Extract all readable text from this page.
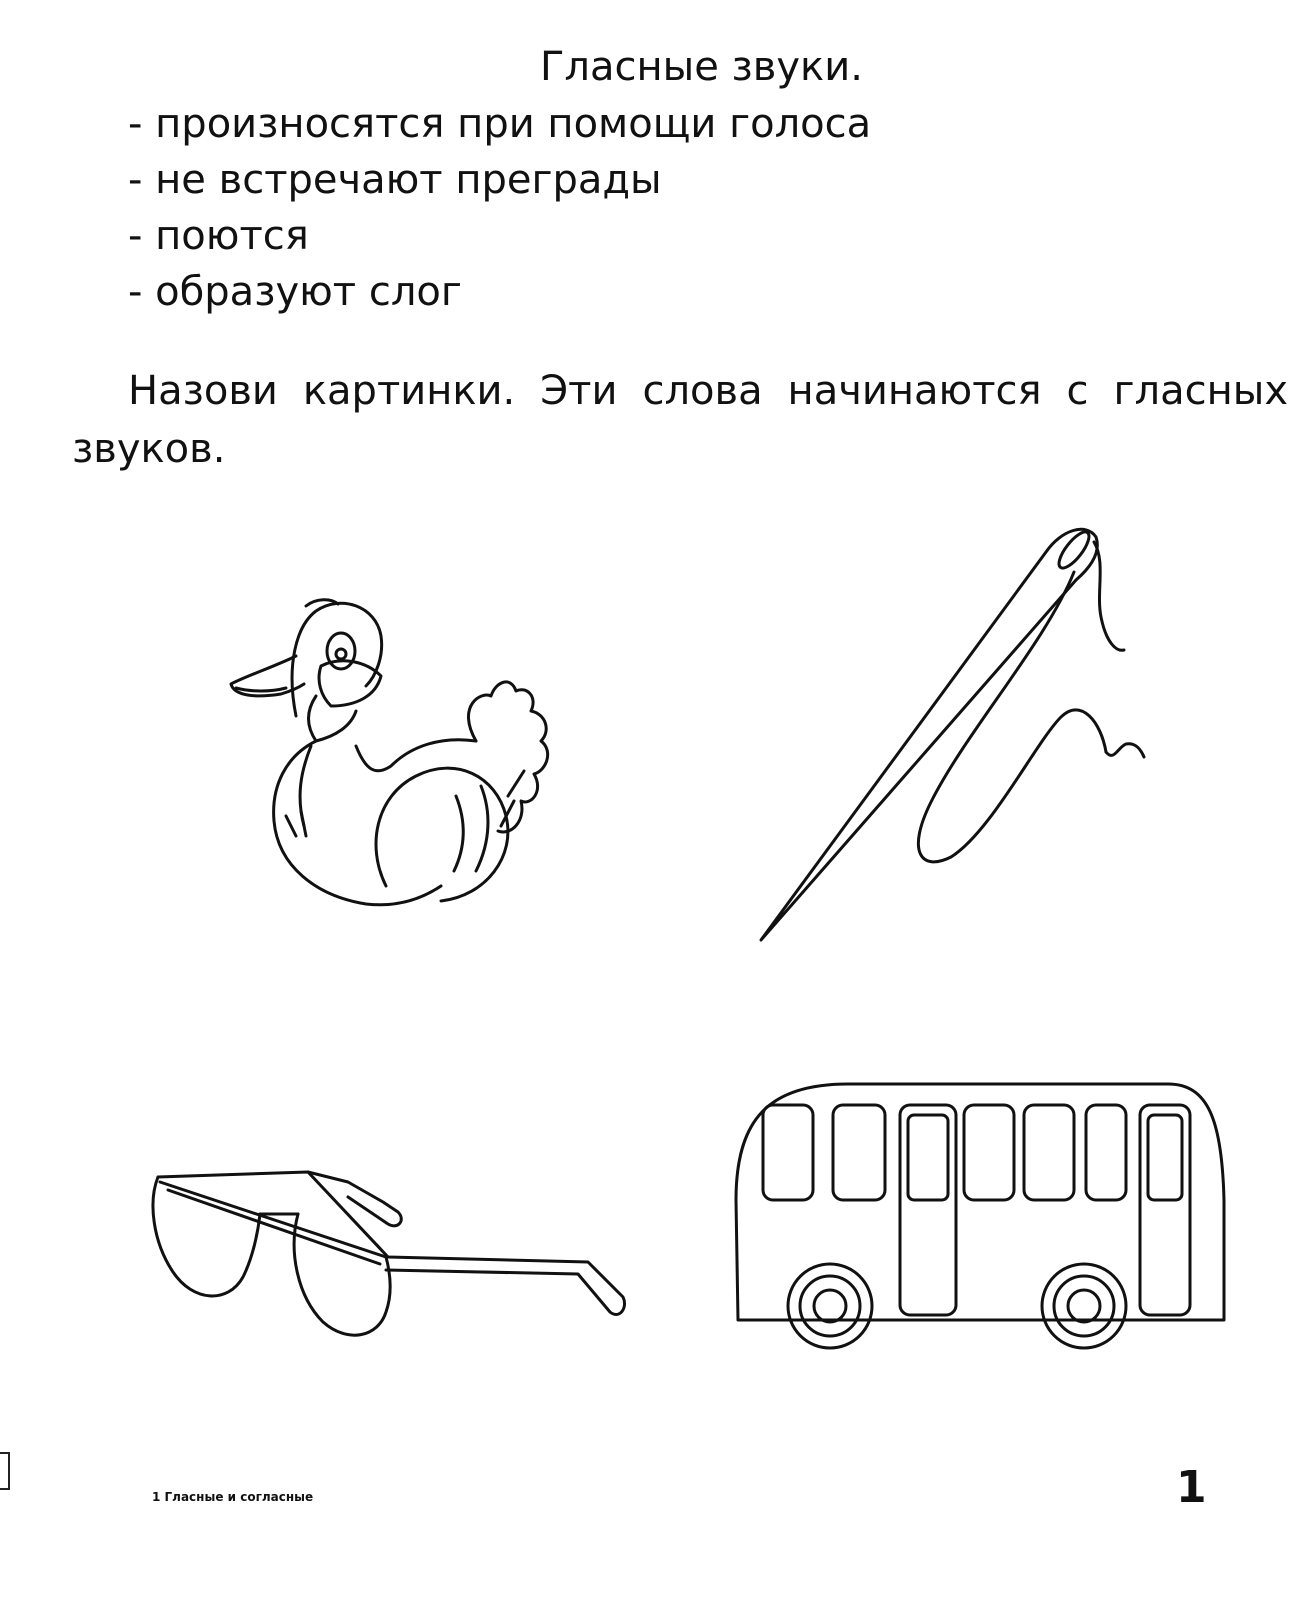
Гласные звуки.
- произносятся при помощи голоса
- не встречают преграды
- поются
- образуют слог

Назови картинки. Эти слова начинаются с гласных звуков.

1 Гласные и согласные	1
